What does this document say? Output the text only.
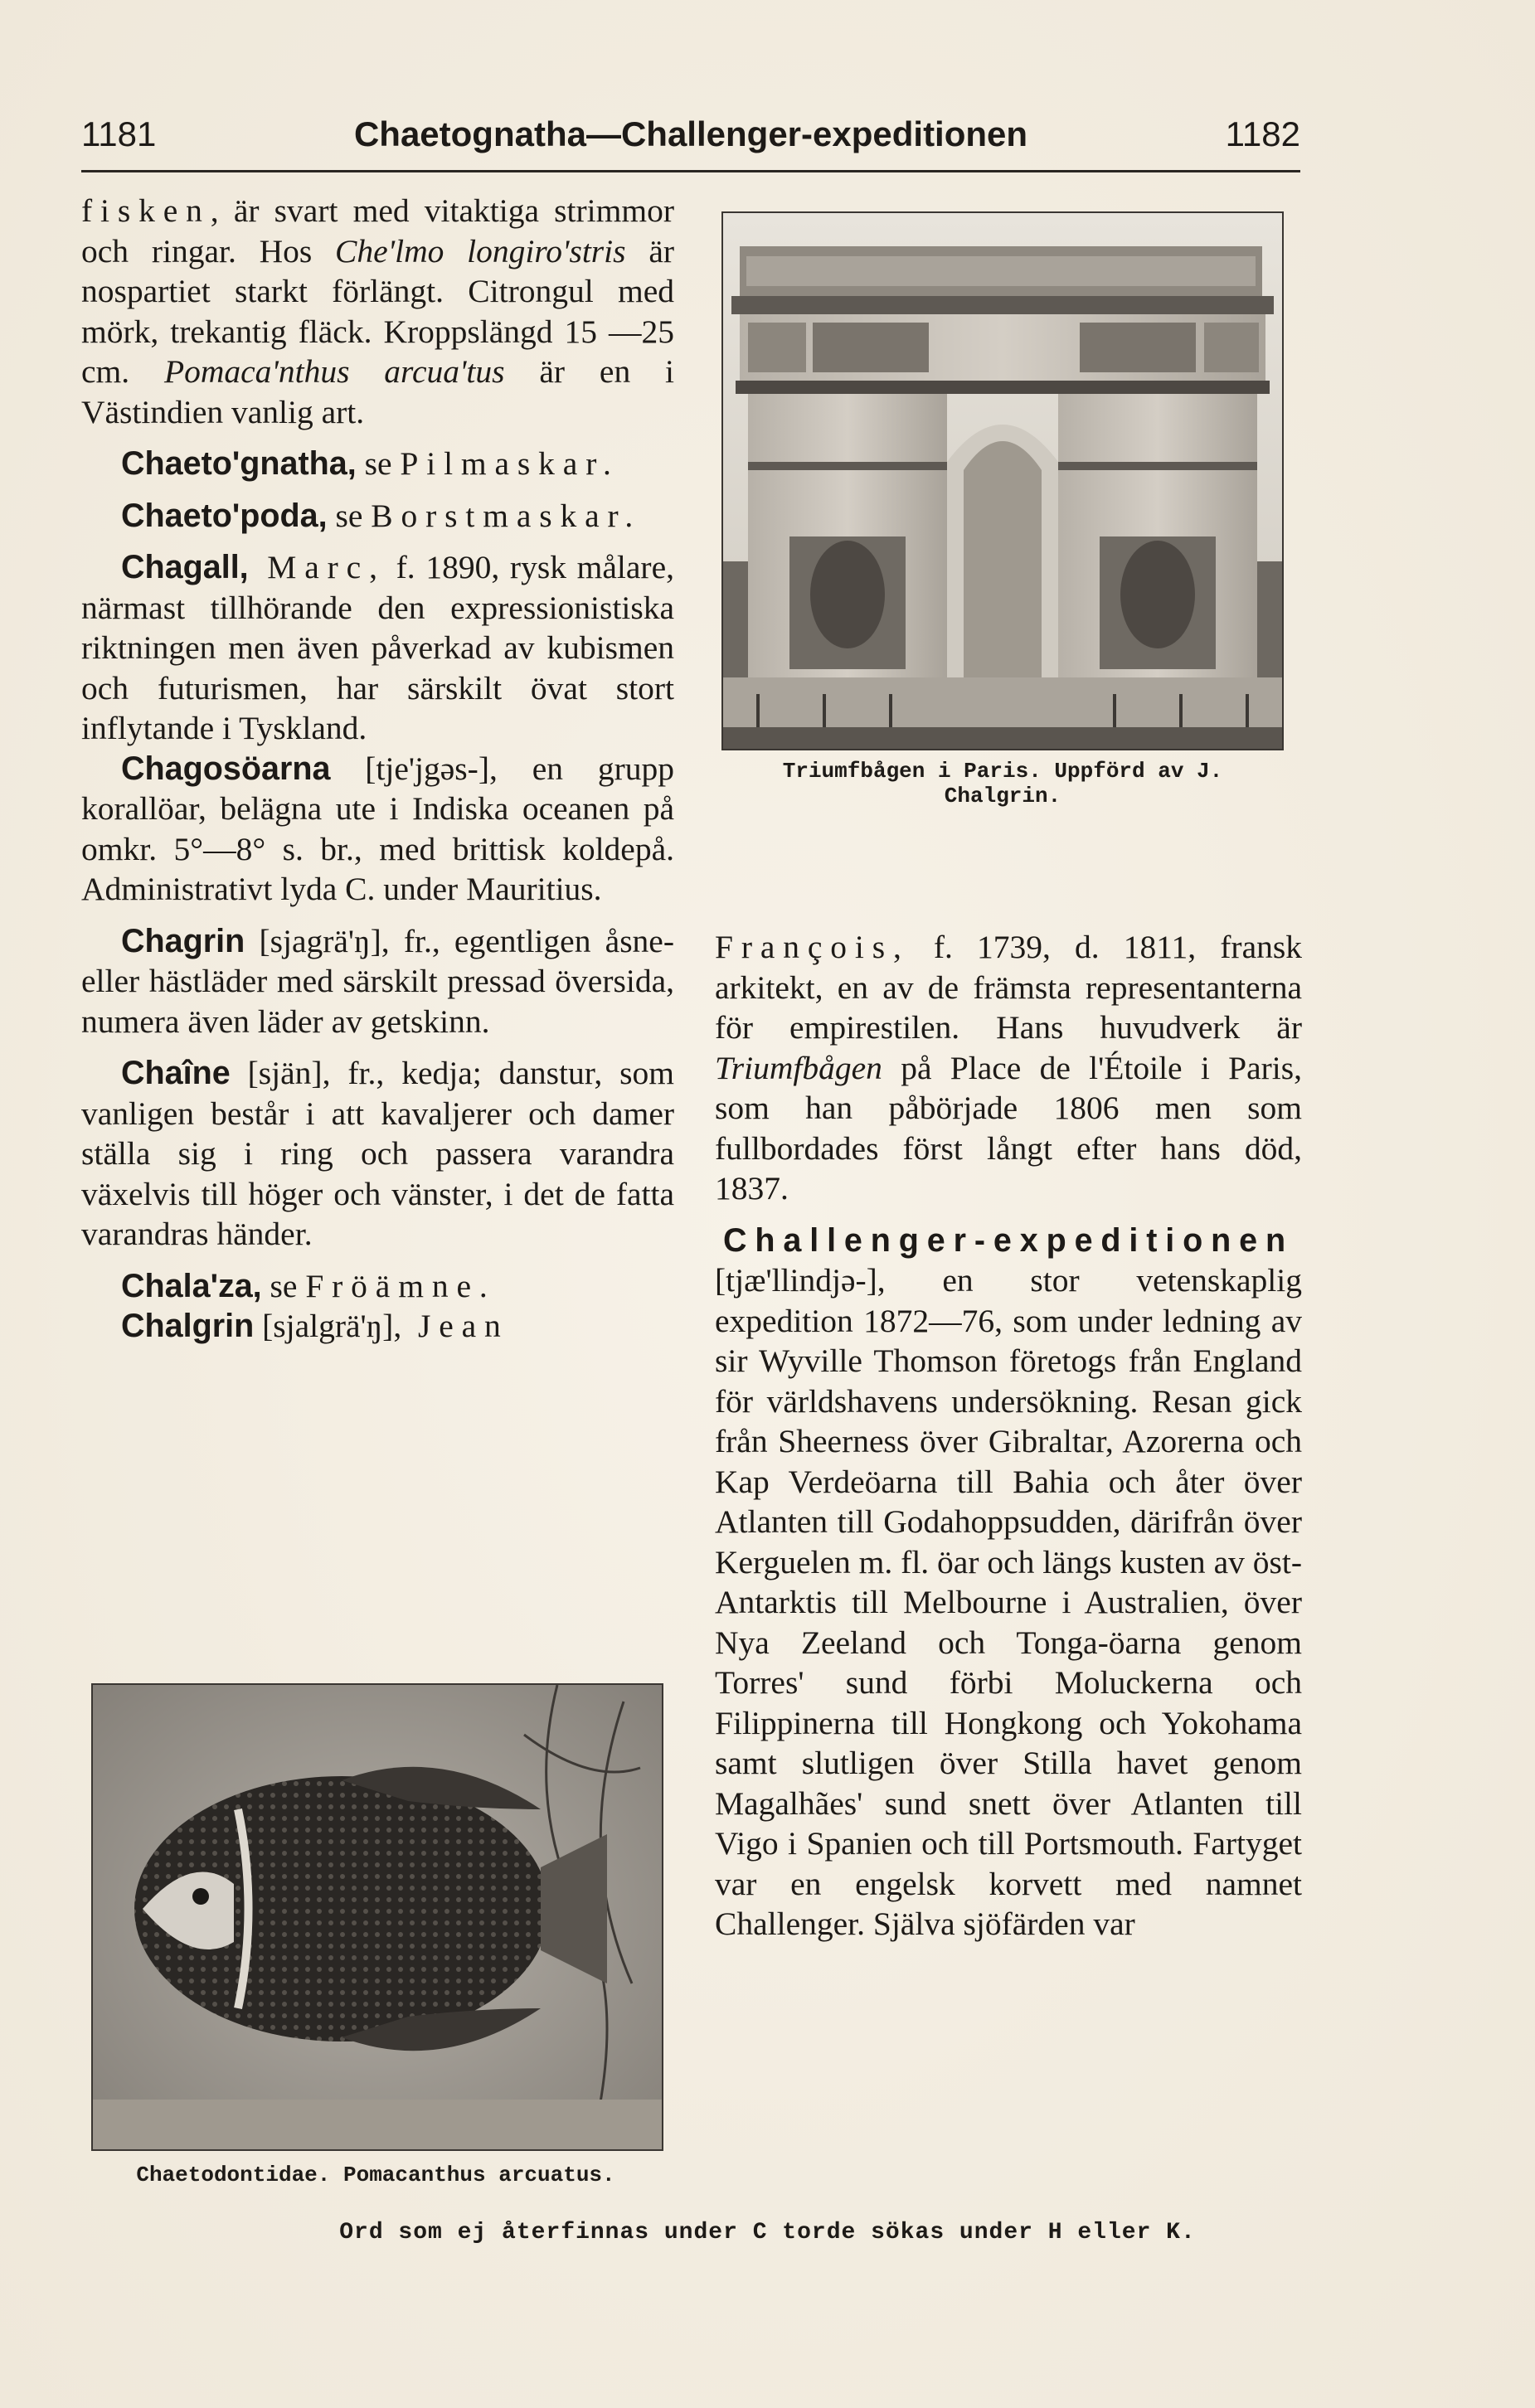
1181	Chaetognatha—Challenger-expeditionen	1182

fisken, är svart med vitaktiga strimmor och ringar. Hos Che'lmo longiro'stris är nospartiet starkt förlängt. Citrongul med mörk, trekantig fläck. Kroppslängd 15 —25 cm. Pomaca'nthus arcua'tus är en i Västindien vanlig art.

Chaeto'gnatha, se Pilmaskar.

Chaeto'poda, se Borstmaskar.

Chagall, Marc, f. 1890, rysk målare, närmast tillhörande den expressionistiska riktningen men även påverkad av kubismen och futurismen, har särskilt övat stort inflytande i Tyskland.

Chagosöarna [tje'jgəs-], en grupp korallöar, belägna ute i Indiska oceanen på omkr. 5°—8° s. br., med brittisk koldepå. Administrativt lyda C. under Mauritius.

Chagrin [sjagrä'ŋ], fr., egentligen åsne- eller hästläder med särskilt pressad översida, numera även läder av getskinn.

Chaîne [sjän], fr., kedja; danstur, som vanligen består i att kavaljerer och damer ställa sig i ring och passera varandra växelvis till höger och vänster, i det de fatta varandras händer.

Chala'za, se Fröämne.

Chalgrin [sjalgrä'ŋ], Jean

François, f. 1739, d. 1811, fransk arkitekt, en av de främsta representanterna för empirestilen. Hans huvudverk är Triumfbågen på Place de l'Étoile i Paris, som han påbörjade 1806 men som fullbordades först långt efter hans död, 1837.

Challenger-expeditionen

[tjæ'llindjə-], en stor vetenskaplig expedition 1872—76, som under ledning av sir Wyville Thomson företogs från England för världshavens undersökning. Resan gick från Sheerness över Gibraltar, Azorerna och Kap Verdeöarna till Bahia och åter över Atlanten till Godahoppsudden, därifrån över Kerguelen m. fl. öar och längs kusten av öst-Antarktis till Melbourne i Australien, över Nya Zeeland och Tonga-öarna genom Torres' sund förbi Moluckerna och Filippinerna till Hongkong och Yokohama samt slutligen över Stilla havet genom Magalhães' sund snett över Atlanten till Vigo i Spanien och till Portsmouth. Fartyget var en engelsk korvett med namnet Challenger. Själva sjöfärden var

Triumfbågen i Paris. Uppförd av J. Chalgrin.
Chaetodontidae. Pomacanthus arcuatus.
Ord som ej återfinnas under C torde sökas under H eller K.
